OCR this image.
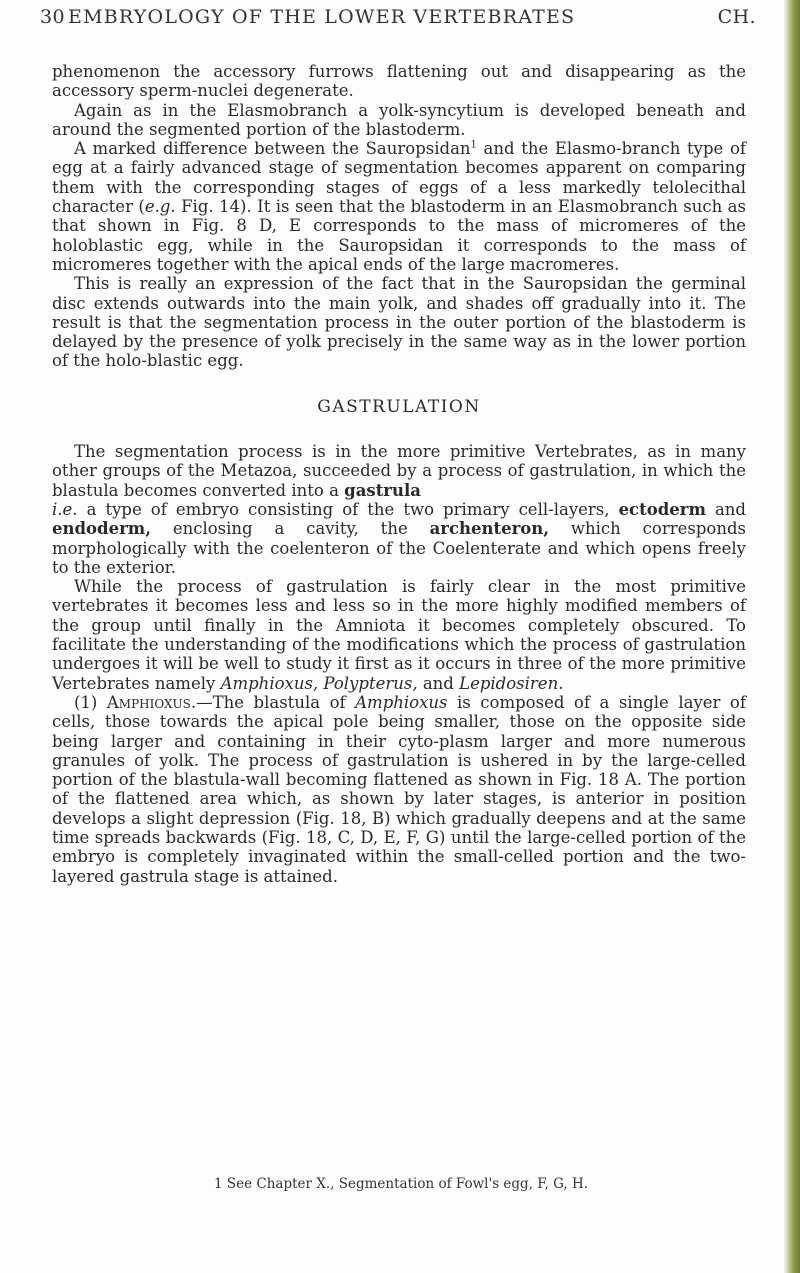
30 EMBRYOLOGY OF THE LOWER VERTEBRATES	CH.

phenomenon the accessory furrows flattening out and disappearing as the accessory sperm-nuclei degenerate.

Again as in the Elasmobranch a yolk-syncytium is developed beneath and around the segmented portion of the blastoderm.

A marked difference between the Sauropsidan$^1$ and the Elasmo-branch type of egg at a fairly advanced stage of segmentation becomes apparent on comparing them with the corresponding stages of eggs of a less markedly telolecithal character (e.g. Fig. 14). It is seen that the blastoderm in an Elasmobranch such as that shown in Fig. 8 D, E corresponds to the mass of micromeres of the holoblastic egg, while in the Sauropsidan it corresponds to the mass of micromeres together with the apical ends of the large macromeres.

This is really an expression of the fact that in the Sauropsidan the germinal disc extends outwards into the main yolk, and shades off gradually into it. The result is that the segmentation process in the outer portion of the blastoderm is delayed by the presence of yolk precisely in the same way as in the lower portion of the holo-blastic egg.

GASTRULATION

The segmentation process is in the more primitive Vertebrates, as in many other groups of the Metazoa, succeeded by a process of gastrulation, in which the blastula becomes converted into a gastrula
i.e. a type of embryo consisting of the two primary cell-layers, ectoderm and endoderm, enclosing a cavity, the archenteron, which corresponds morphologically with the coelenteron of the Coelenterate and which opens freely to the exterior.

While the process of gastrulation is fairly clear in the most primitive vertebrates it becomes less and less so in the more highly modified members of the group until finally in the Amniota it becomes completely obscured. To facilitate the understanding of the modifications which the process of gastrulation undergoes it will be well to study it first as it occurs in three of the more primitive Vertebrates namely Amphioxus, Polypterus, and Lepidosiren.

(1) Amphioxus.—The blastula of Amphioxus is composed of a single layer of cells, those towards the apical pole being smaller, those on the opposite side being larger and containing in their cyto-plasm larger and more numerous granules of yolk. The process of gastrulation is ushered in by the large-celled portion of the blastula-wall becoming flattened as shown in Fig. 18 A. The portion of the flattened area which, as shown by later stages, is anterior in position develops a slight depression (Fig. 18, B) which gradually deepens and at the same time spreads backwards (Fig. 18, C, D, E, F, G) until the large-celled portion of the embryo is completely invaginated within the small-celled portion and the two-layered gastrula stage is attained.

1 See Chapter X., Segmentation of Fowl's egg, F, G, H.
